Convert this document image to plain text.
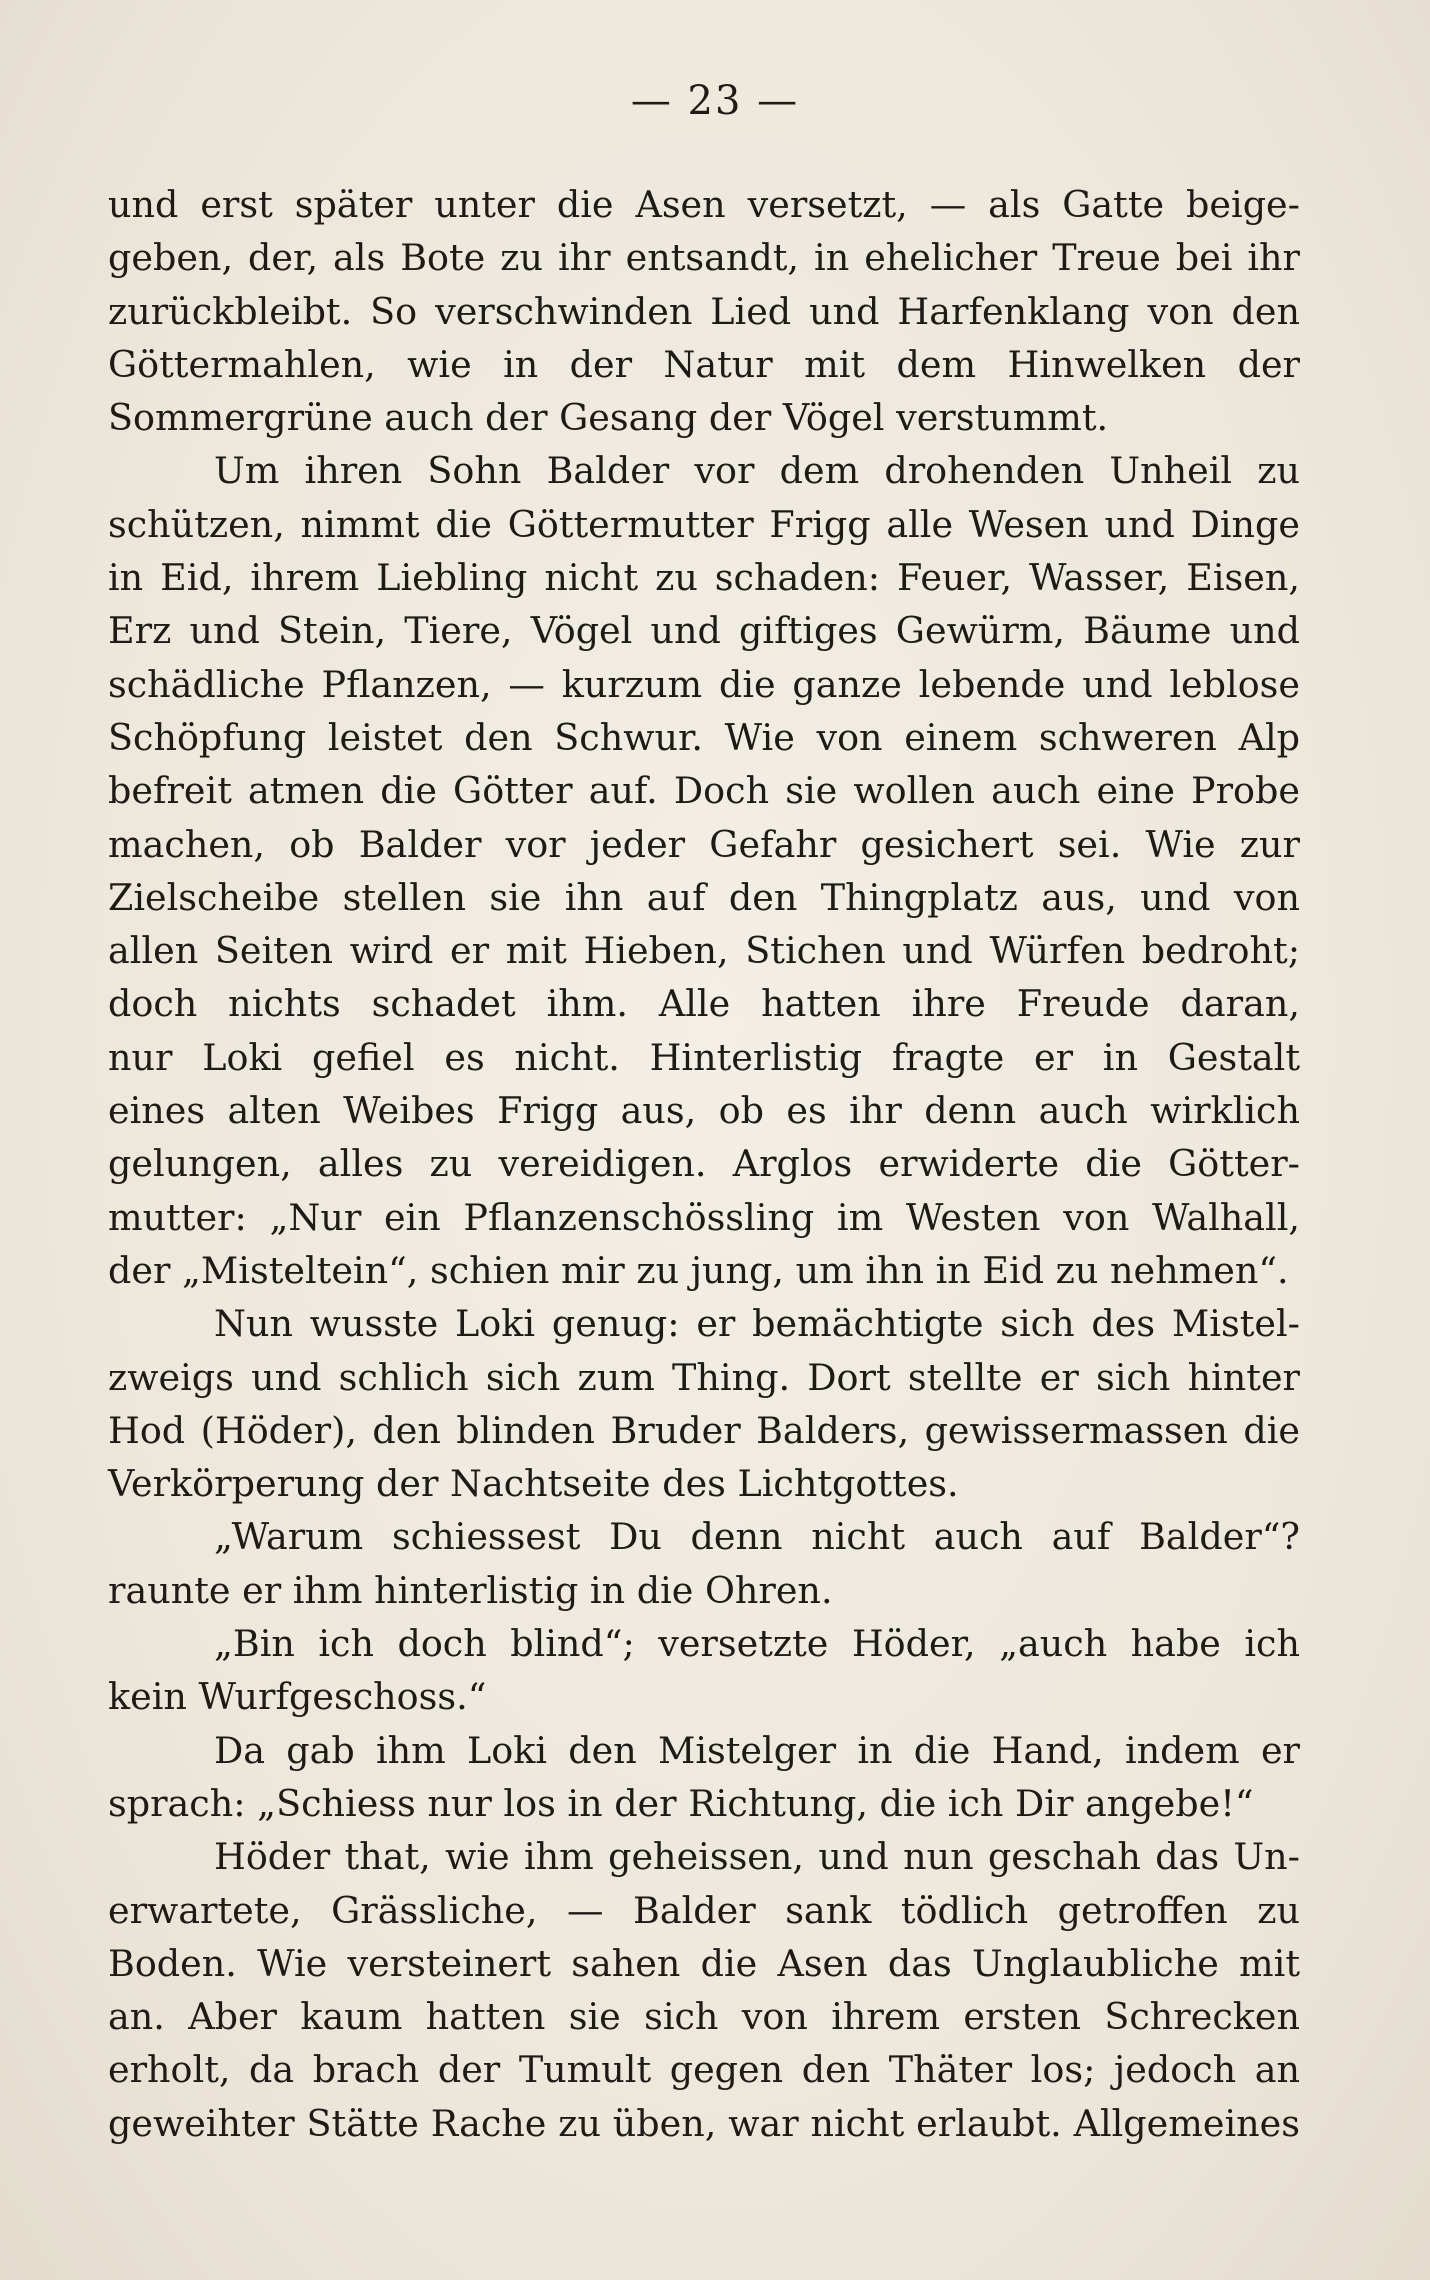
— 23 —
und erst später unter die Asen versetzt, — als Gatte beige-
geben, der, als Bote zu ihr entsandt, in ehelicher Treue bei ihr
zurückbleibt. So verschwinden Lied und Harfenklang von den
Göttermahlen, wie in der Natur mit dem Hinwelken der
Sommergrüne auch der Gesang der Vögel verstummt.
Um ihren Sohn Balder vor dem drohenden Unheil zu
schützen, nimmt die Göttermutter Frigg alle Wesen und Dinge
in Eid, ihrem Liebling nicht zu schaden: Feuer, Wasser, Eisen,
Erz und Stein, Tiere, Vögel und giftiges Gewürm, Bäume und
schädliche Pflanzen, — kurzum die ganze lebende und leblose
Schöpfung leistet den Schwur. Wie von einem schweren Alp
befreit atmen die Götter auf. Doch sie wollen auch eine Probe
machen, ob Balder vor jeder Gefahr gesichert sei. Wie zur
Zielscheibe stellen sie ihn auf den Thingplatz aus, und von
allen Seiten wird er mit Hieben, Stichen und Würfen bedroht;
doch nichts schadet ihm. Alle hatten ihre Freude daran,
nur Loki gefiel es nicht. Hinterlistig fragte er in Gestalt
eines alten Weibes Frigg aus, ob es ihr denn auch wirklich
gelungen, alles zu vereidigen. Arglos erwiderte die Götter-
mutter: „Nur ein Pflanzenschössling im Westen von Walhall,
der „Misteltein“, schien mir zu jung, um ihn in Eid zu nehmen“.
Nun wusste Loki genug: er bemächtigte sich des Mistel-
zweigs und schlich sich zum Thing. Dort stellte er sich hinter
Hod (Höder), den blinden Bruder Balders, gewissermassen die
Verkörperung der Nachtseite des Lichtgottes.
„Warum schiessest Du denn nicht auch auf Balder“?
raunte er ihm hinterlistig in die Ohren.
„Bin ich doch blind“; versetzte Höder, „auch habe ich
kein Wurfgeschoss.“
Da gab ihm Loki den Mistelger in die Hand, indem er
sprach: „Schiess nur los in der Richtung, die ich Dir angebe!“
Höder that, wie ihm geheissen, und nun geschah das Un-
erwartete, Grässliche, — Balder sank tödlich getroffen zu
Boden. Wie versteinert sahen die Asen das Unglaubliche mit
an. Aber kaum hatten sie sich von ihrem ersten Schrecken
erholt, da brach der Tumult gegen den Thäter los; jedoch an
geweihter Stätte Rache zu üben, war nicht erlaubt. Allgemeines
